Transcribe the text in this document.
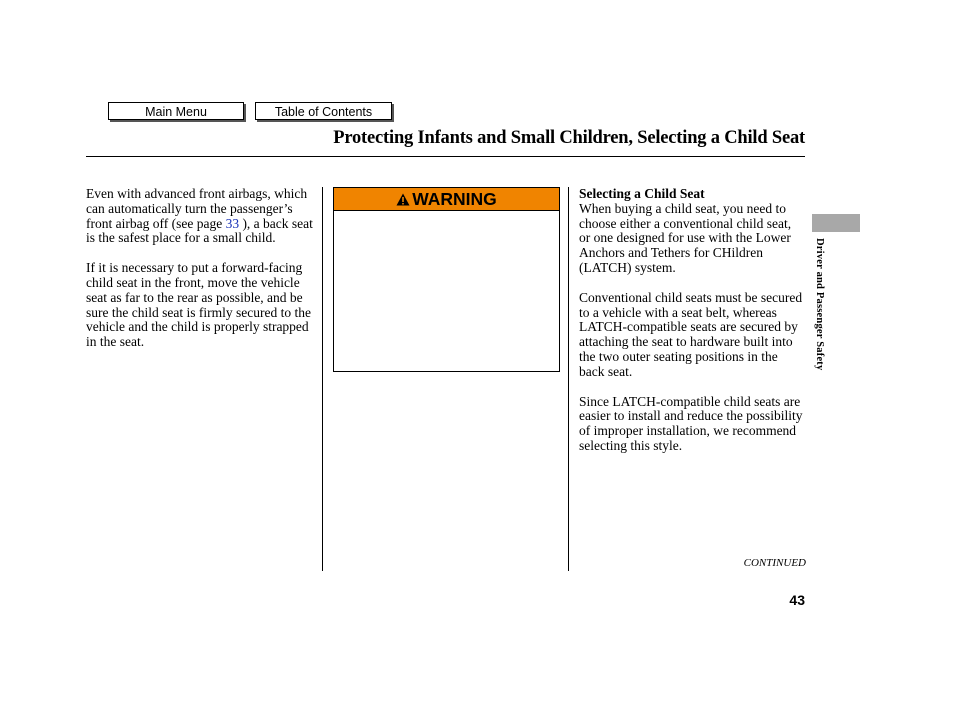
Main Menu	Table of Contents
Protecting Infants and Small Children, Selecting a Child Seat

Even with advanced front airbags, which can automatically turn the passenger’s front airbag off (see page 33 ), a back seat is the safest place for a small child.

If it is necessary to put a forward-facing child seat in the front, move the vehicle seat as far to the rear as possible, and be sure the child seat is firmly secured to the vehicle and the child is properly strapped in the seat.

WARNING	Selecting a Child Seat

When buying a child seat, you need to choose either a conventional child seat, or one designed for use with the Lower Anchors and Tethers for CHildren (LATCH) system.

Conventional child seats must be secured to a vehicle with a seat belt, whereas LATCH-compatible seats are secured by attaching the seat to hardware built into the two outer seating positions in the back seat.

Since LATCH-compatible child seats are easier to install and reduce the possibility of improper installation, we recommend selecting this style.

Driver and Passenger Safety
CONTINUED
43
